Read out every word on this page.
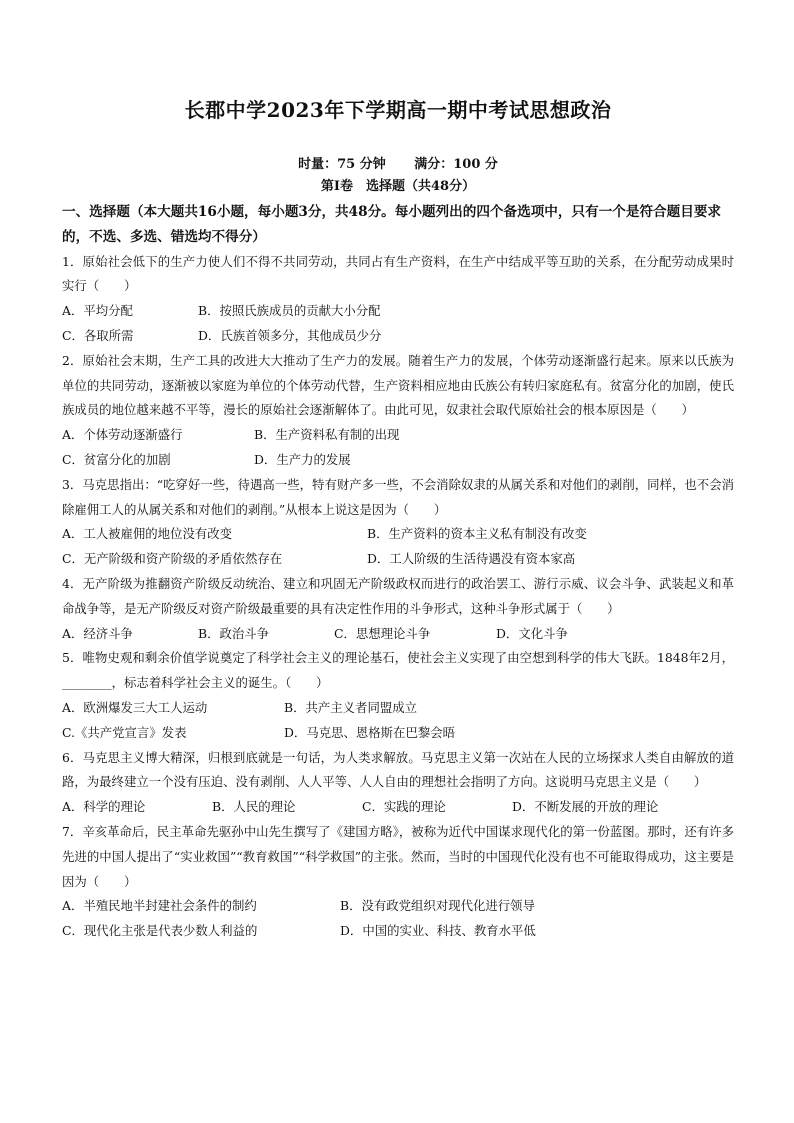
长郡中学2023年下学期高一期中考试思想政治
时量：75 分钟 满分：100 分
第Ⅰ卷　选择题（共48分）
一、选择题（本大题共16小题，每小题3分，共48分。每小题列出的四个备选项中，只有一个是符合题目要求的，不选、多选、错选均不得分）
1．原始社会低下的生产力使人们不得不共同劳动，共同占有生产资料，在生产中结成平等互助的关系，在分配劳动成果时实行（　　）
A．平均分配	B．按照氏族成员的贡献大小分配
C．各取所需	D．氏族首领多分，其他成员少分
2．原始社会末期，生产工具的改进大大推动了生产力的发展。随着生产力的发展，个体劳动逐渐盛行起来。原来以氏族为单位的共同劳动，逐渐被以家庭为单位的个体劳动代替，生产资料相应地由氏族公有转归家庭私有。贫富分化的加剧，使氏族成员的地位越来越不平等，漫长的原始社会逐渐解体了。由此可见，奴隶社会取代原始社会的根本原因是（　　）
A．个体劳动逐渐盛行	B．生产资料私有制的出现
C．贫富分化的加剧	D．生产力的发展
3．马克思指出：“吃穿好一些，待遇高一些，特有财产多一些，不会消除奴隶的从属关系和对他们的剥削，同样，也不会消除雇佣工人的从属关系和对他们的剥削。”从根本上说这是因为（　　）
A．工人被雇佣的地位没有改变	B．生产资料的资本主义私有制没有改变
C．无产阶级和资产阶级的矛盾依然存在	D．工人阶级的生活待遇没有资本家高
4．无产阶级为推翻资产阶级反动统治、建立和巩固无产阶级政权而进行的政治罢工、游行示威、议会斗争、武装起义和革命战争等，是无产阶级反对资产阶级最重要的具有决定性作用的斗争形式，这种斗争形式属于（　　）
A．经济斗争	B．政治斗争	C．思想理论斗争	D．文化斗争
5．唯物史观和剩余价值学说奠定了科学社会主义的理论基石，使社会主义实现了由空想到科学的伟大飞跃。1848年2月，________，标志着科学社会主义的诞生。（　　）
A．欧洲爆发三大工人运动	B．共产主义者同盟成立
C.《共产党宣言》发表	D．马克思、恩格斯在巴黎会晤
6．马克思主义博大精深，归根到底就是一句话，为人类求解放。马克思主义第一次站在人民的立场探求人类自由解放的道路，为最终建立一个没有压迫、没有剥削、人人平等、人人自由的理想社会指明了方向。这说明马克思主义是（　　）
A．科学的理论	B．人民的理论	C．实践的理论	D．不断发展的开放的理论
7．辛亥革命后，民主革命先驱孙中山先生撰写了《建国方略》，被称为近代中国谋求现代化的第一份蓝图。那时，还有许多先进的中国人提出了“实业救国”“教育救国”“科学救国”的主张。然而，当时的中国现代化没有也不可能取得成功，这主要是因为（　　）
A．半殖民地半封建社会条件的制约	B．没有政党组织对现代化进行领导
C．现代化主张是代表少数人利益的	D．中国的实业、科技、教育水平低
